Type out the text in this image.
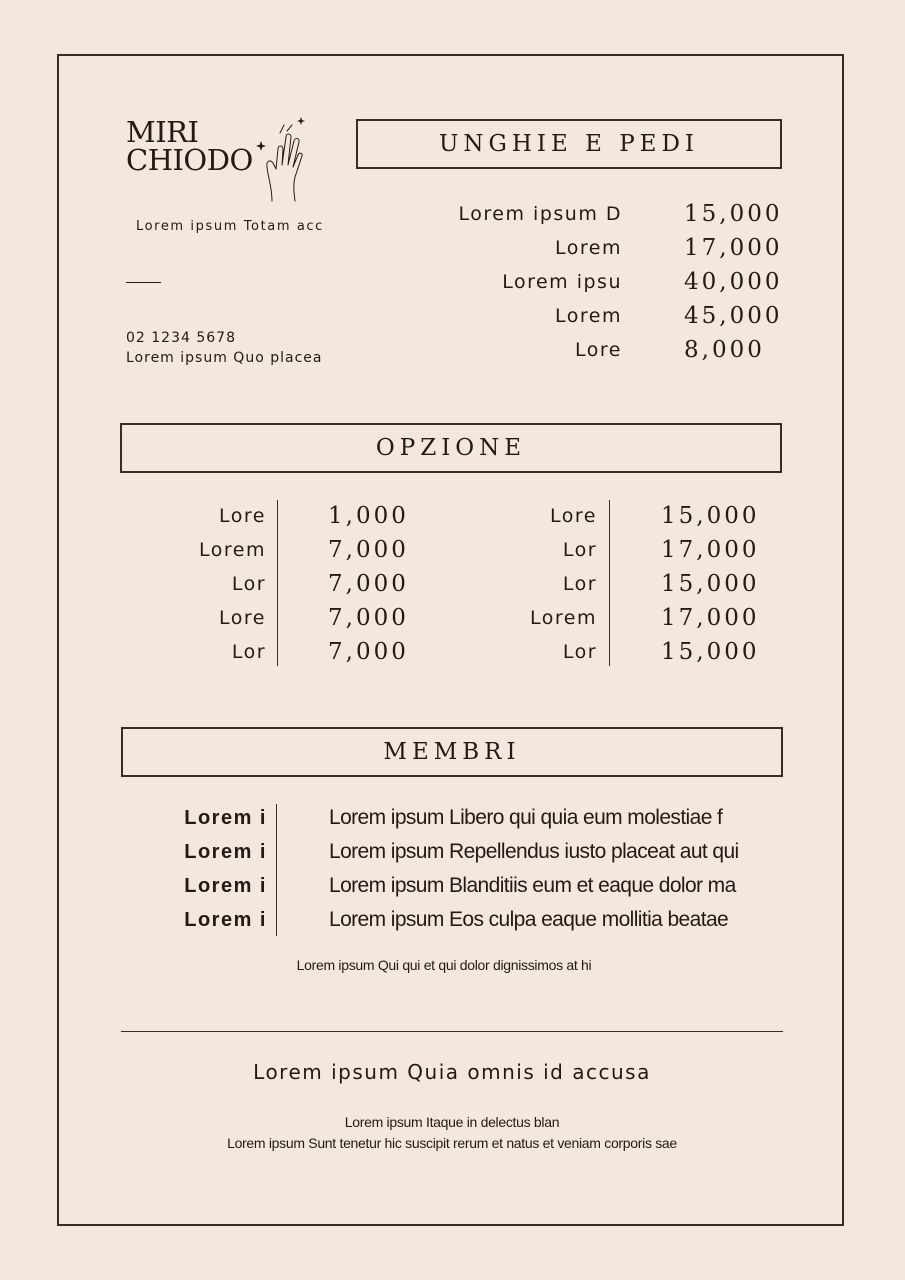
MIRI
CHIODO
Lorem ipsum Totam acc
02 1234 5678
Lorem ipsum Quo placea
UNGHIE E PEDI
Lorem ipsum D	15,000
Lorem	17,000
Lorem ipsu	40,000
Lorem	45,000
Lore	8,000
OPZIONE
Lore	1,000
Lorem	7,000
Lor	7,000
Lore	7,000
Lor	7,000
Lore	15,000
Lor	17,000
Lor	15,000
Lorem	17,000
Lor	15,000
MEMBRI
Lorem i	Lorem ipsum Libero qui quia eum molestiae f
Lorem i	Lorem ipsum Repellendus iusto placeat aut qui
Lorem i	Lorem ipsum Blanditiis eum et eaque dolor ma
Lorem i	Lorem ipsum Eos culpa eaque mollitia beatae
Lorem ipsum Qui qui et qui dolor dignissimos at hi
Lorem ipsum Quia omnis id accusa
Lorem ipsum Itaque in delectus blan
Lorem ipsum Sunt tenetur hic suscipit rerum et natus et veniam corporis sae
